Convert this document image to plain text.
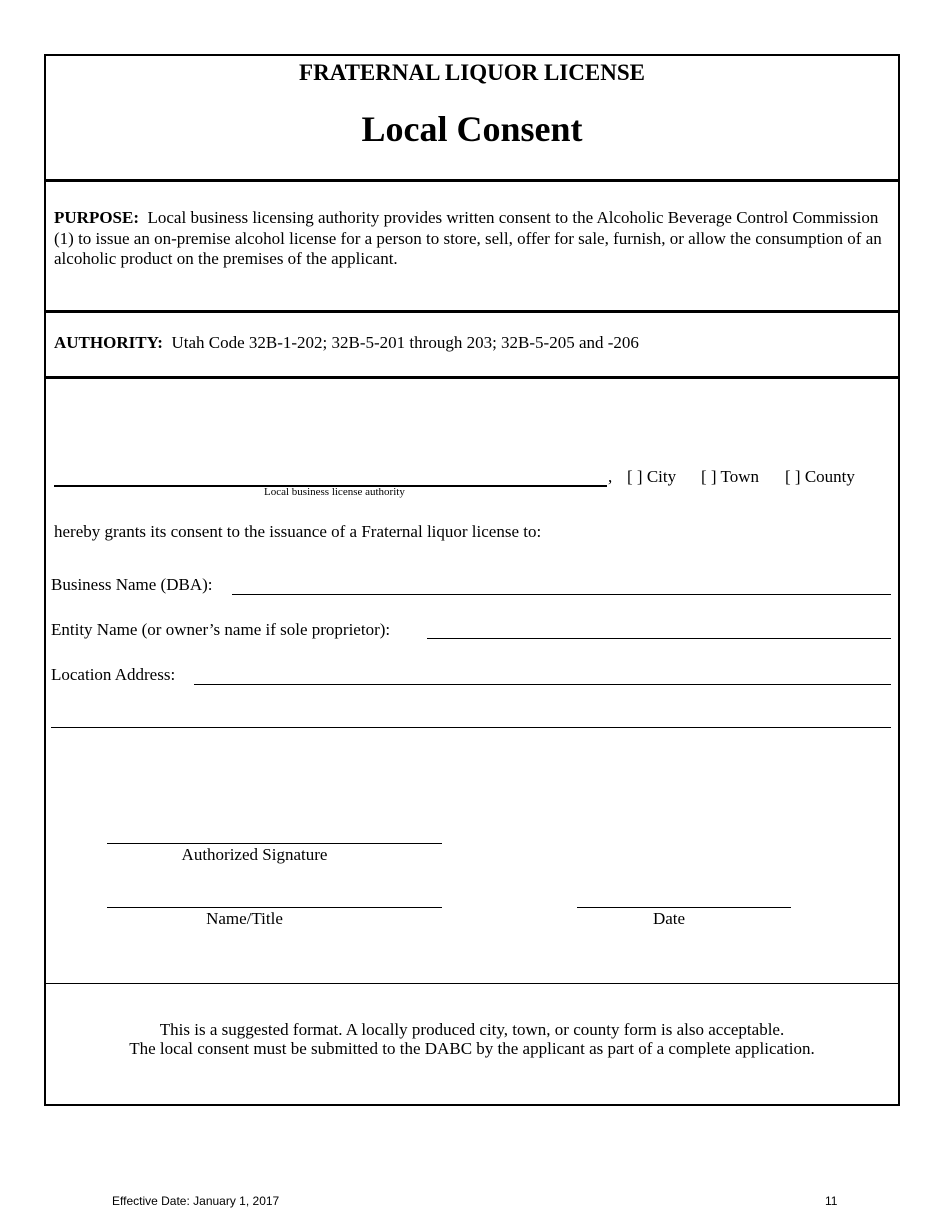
FRATERNAL LIQUOR LICENSE
Local Consent
PURPOSE: Local business licensing authority provides written consent to the Alcoholic Beverage Control Commission (1) to issue an on-premise alcohol license for a person to store, sell, offer for sale, furnish, or allow the consumption of an alcoholic product on the premises of the applicant.
AUTHORITY: Utah Code 32B-1-202; 32B-5-201 through 203; 32B-5-205 and -206
Local business license authority
, [ ] City [ ] Town [ ] County
hereby grants its consent to the issuance of a Fraternal liquor license to:
Business Name (DBA):
Entity Name (or owner’s name if sole proprietor):
Location Address:
Authorized Signature
Name/Title	Date
This is a suggested format. A locally produced city, town, or county form is also acceptable.
The local consent must be submitted to the DABC by the applicant as part of a complete application.
Effective Date: January 1, 2017	11
